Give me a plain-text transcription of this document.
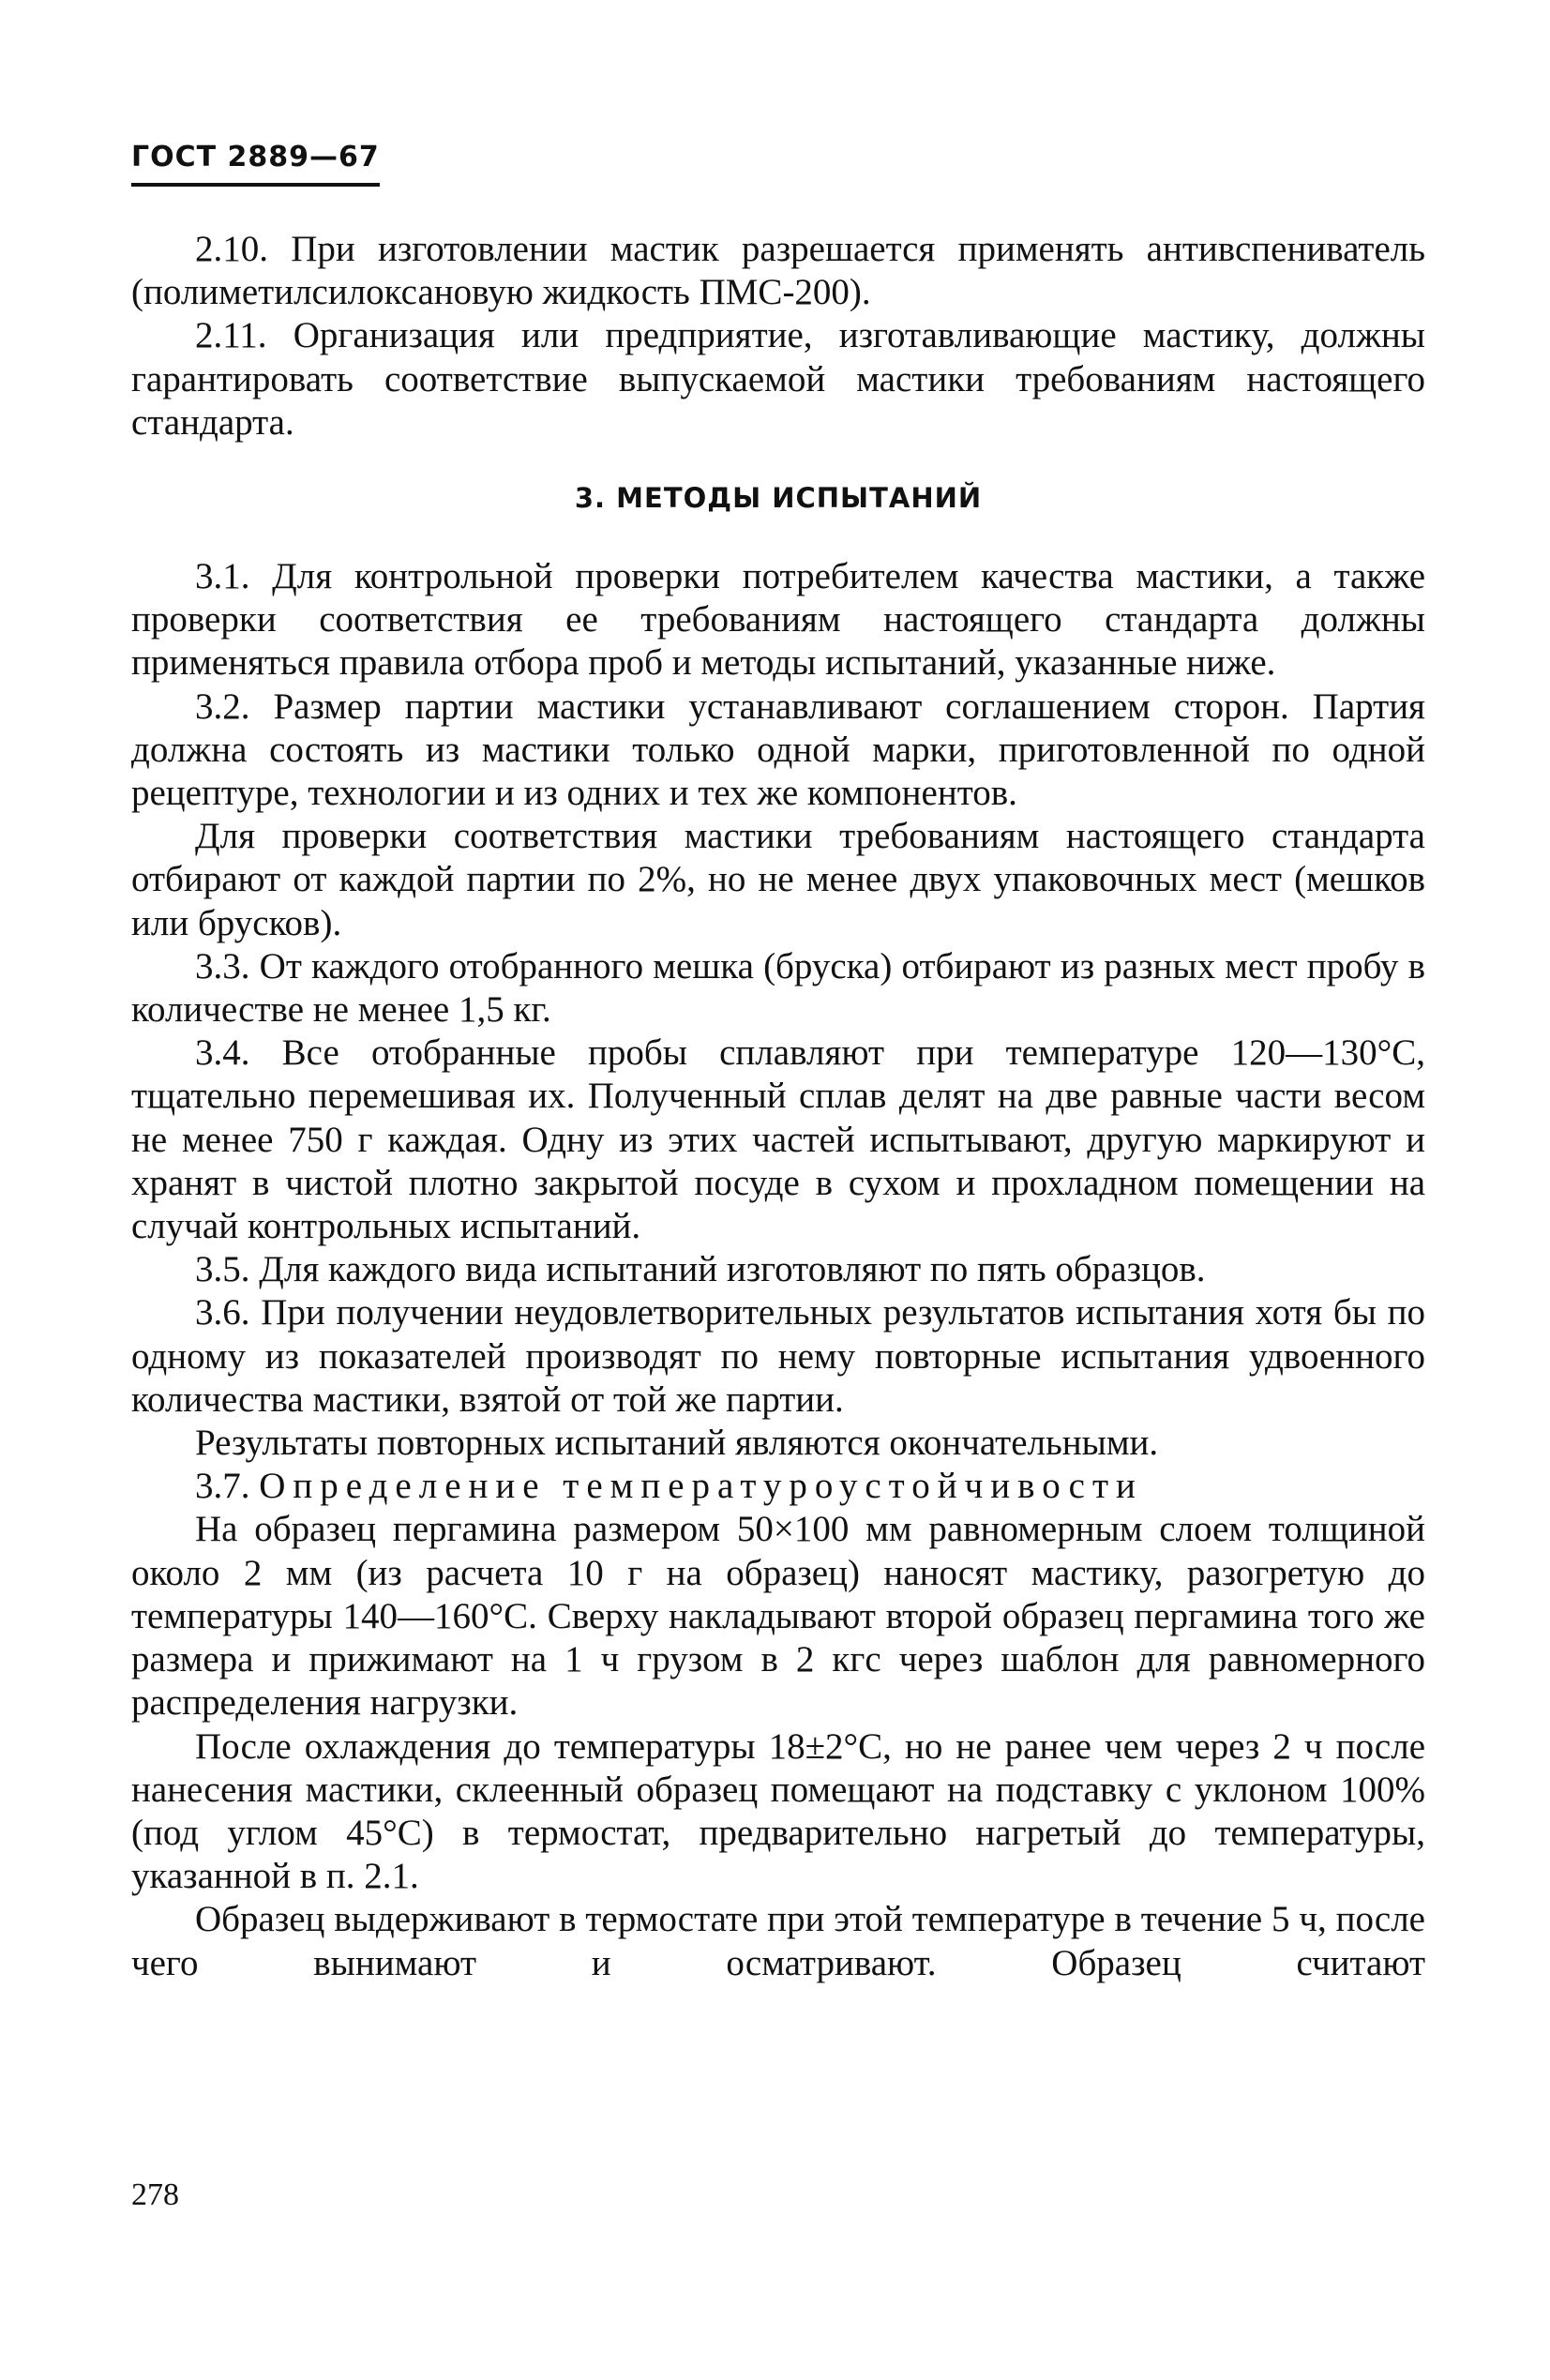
ГОСТ 2889—67

2.10. При изготовлении мастик разрешается применять антивспениватель (полиметилсилоксановую жидкость ПМС-200).

2.11. Организация или предприятие, изготавливающие мастику, должны гарантировать соответствие выпускаемой мастики требованиям настоящего стандарта.

3. МЕТОДЫ ИСПЫТАНИЙ

3.1. Для контрольной проверки потребителем качества мастики, а также проверки соответствия ее требованиям настоящего стандарта должны применяться правила отбора проб и методы испытаний, указанные ниже.

3.2. Размер партии мастики устанавливают соглашением сторон. Партия должна состоять из мастики только одной марки, приготовленной по одной рецептуре, технологии и из одних и тех же компонентов.

Для проверки соответствия мастики требованиям настоящего стандарта отбирают от каждой партии по 2%, но не менее двух упаковочных мест (мешков или брусков).

3.3. От каждого отобранного мешка (бруска) отбирают из разных мест пробу в количестве не менее 1,5 кг.

3.4. Все отобранные пробы сплавляют при температуре 120—130°С, тщательно перемешивая их. Полученный сплав делят на две равные части весом не менее 750 г каждая. Одну из этих частей испытывают, другую маркируют и хранят в чистой плотно закрытой посуде в сухом и прохладном помещении на случай контрольных испытаний.

3.5. Для каждого вида испытаний изготовляют по пять образцов.

3.6. При получении неудовлетворительных результатов испытания хотя бы по одному из показателей производят по нему повторные испытания удвоенного количества мастики, взятой от той же партии.

Результаты повторных испытаний являются окончательными.

3.7. Определение температуроустойчивости

На образец пергамина размером 50×100 мм равномерным слоем толщиной около 2 мм (из расчета 10 г на образец) наносят мастику, разогретую до температуры 140—160°С. Сверху накладывают второй образец пергамина того же размера и прижимают на 1 ч грузом в 2 кгс через шаблон для равномерного распределения нагрузки.

После охлаждения до температуры 18±2°С, но не ранее чем через 2 ч после нанесения мастики, склеенный образец помещают на подставку с уклоном 100% (под углом 45°С) в термостат, предварительно нагретый до температуры, указанной в п. 2.1.

Образец выдерживают в термостате при этой температуре в течение 5 ч, после чего вынимают и осматривают. Образец считают

278
